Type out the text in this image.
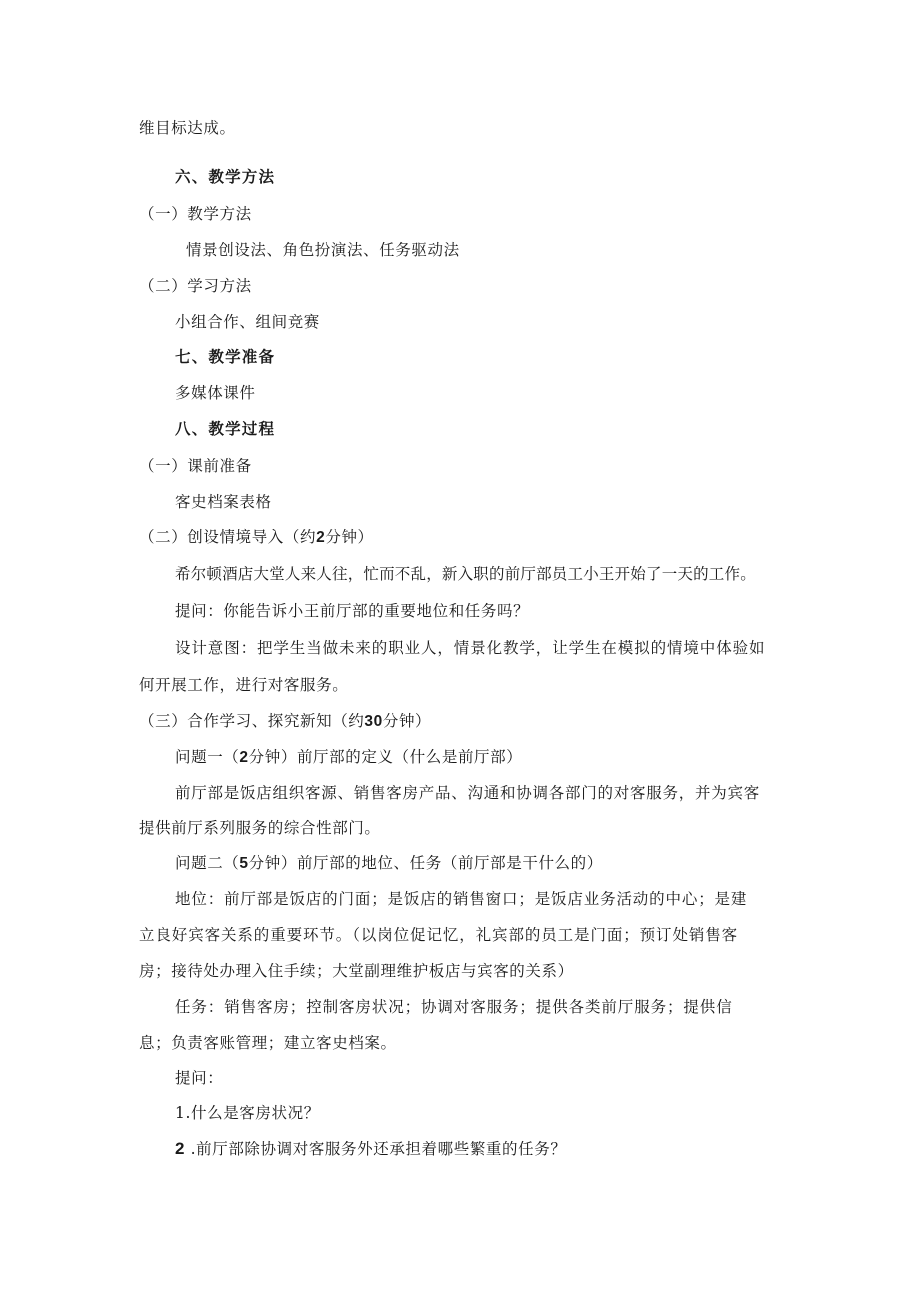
维目标达成。
六、教学方法
（一）教学方法
情景创设法、角色扮演法、任务驱动法
（二）学习方法
小组合作、组间竞赛
七、教学准备
多媒体课件
八、教学过程
（一）课前准备
客史档案表格
（二）创设情境导入（约2分钟）
希尔顿酒店大堂人来人往，忙而不乱，新入职的前厅部员工小王开始了一天的工作。
提问：你能告诉小王前厅部的重要地位和任务吗？
设计意图：把学生当做未来的职业人，情景化教学，让学生在模拟的情境中体验如
何开展工作，进行对客服务。
（三）合作学习、探究新知（约30分钟）
问题一（2分钟）前厅部的定义（什么是前厅部）
前厅部是饭店组织客源、销售客房产品、沟通和协调各部门的对客服务，并为宾客
提供前厅系列服务的综合性部门。
问题二（5分钟）前厅部的地位、任务（前厅部是干什么的）
地位：前厅部是饭店的门面；是饭店的销售窗口；是饭店业务活动的中心；是建
立良好宾客关系的重要环节。（以岗位促记忆，礼宾部的员工是门面；预订处销售客
房；接待处办理入住手续；大堂副理维护板店与宾客的关系）
任务：销售客房；控制客房状况；协调对客服务；提供各类前厅服务；提供信
息；负责客账管理；建立客史档案。
提问：
1.什么是客房状况？
2 .前厅部除协调对客服务外还承担着哪些繁重的任务？
